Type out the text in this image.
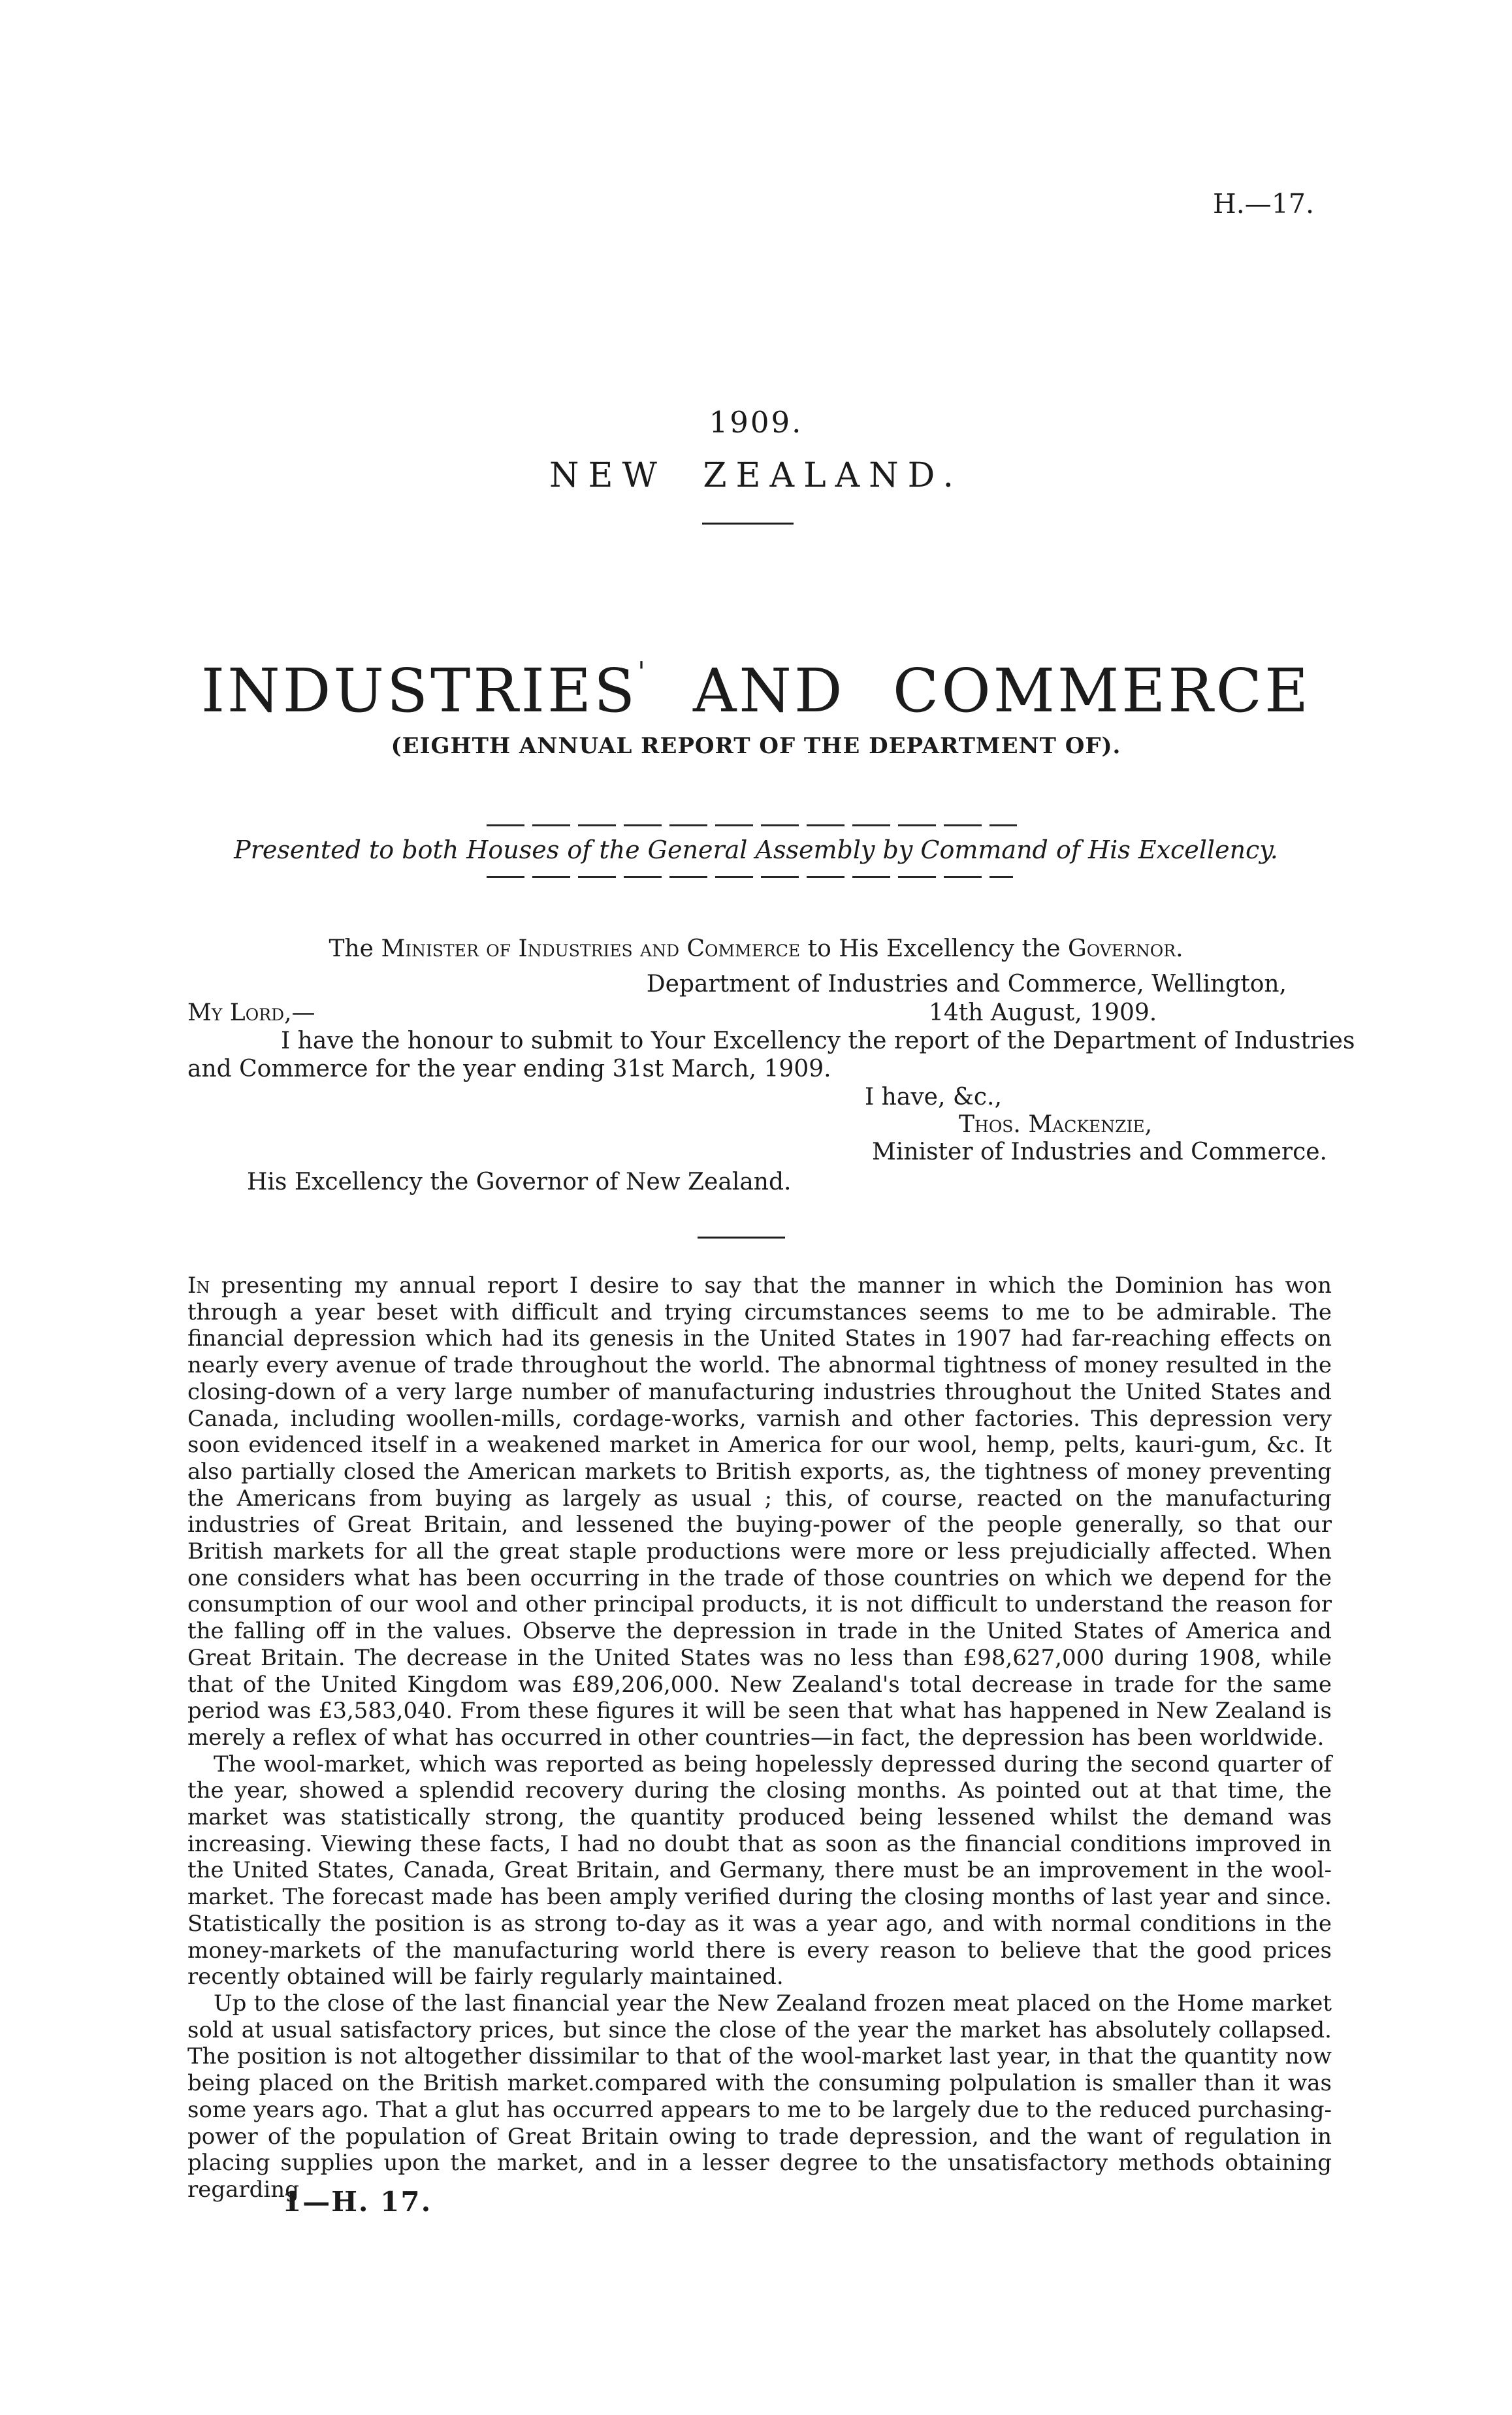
H.—17.
1909.
NEW ZEALAND.
INDUSTRIES' AND COMMERCE
(EIGHTH ANNUAL REPORT OF THE DEPARTMENT OF).
Presented to both Houses of the General Assembly by Command of His Excellency.
The Minister of Industries and Commerce to His Excellency the Governor.
Department of Industries and Commerce, Wellington,
My Lord,—	14th August, 1909.
I have the honour to submit to Your Excellency the report of the Department of Industries
and Commerce for the year ending 31st March, 1909.
I have, &c.,
Thos. Mackenzie,
Minister of Industries and Commerce.
His Excellency the Governor of New Zealand.

In presenting my annual report I desire to say that the manner in which the Dominion has won through a year beset with difficult and trying circumstances seems to me to be admirable. The financial depression which had its genesis in the United States in 1907 had far-reaching effects on nearly every avenue of trade throughout the world. The abnormal tightness of money resulted in the closing-down of a very large number of manufacturing industries throughout the United States and Canada, including woollen-mills, cordage-works, varnish and other factories. This depression very soon evidenced itself in a weakened market in America for our wool, hemp, pelts, kauri-gum, &c. It also partially closed the American markets to British exports, as, the tightness of money preventing the Americans from buying as largely as usual ; this, of course, reacted on the manufacturing industries of Great Britain, and lessened the buying-power of the people generally, so that our British markets for all the great staple productions were more or less prejudicially affected. When one considers what has been occurring in the trade of those countries on which we depend for the consumption of our wool and other principal products, it is not difficult to understand the reason for the falling off in the values. Observe the depression in trade in the United States of America and Great Britain. The decrease in the United States was no less than £98,627,000 during 1908, while that of the United Kingdom was £89,206,000. New Zealand's total decrease in trade for the same period was £3,583,040. From these figures it will be seen that what has happened in New Zealand is merely a reflex of what has occurred in other countries—in fact, the depression has been worldwide.

The wool-market, which was reported as being hopelessly depressed during the second quarter of the year, showed a splendid recovery during the closing months. As pointed out at that time, the market was statistically strong, the quantity produced being lessened whilst the demand was increasing. Viewing these facts, I had no doubt that as soon as the financial conditions improved in the United States, Canada, Great Britain, and Germany, there must be an improvement in the wool-market. The forecast made has been amply verified during the closing months of last year and since. Statistically the position is as strong to-day as it was a year ago, and with normal conditions in the money-markets of the manufacturing world there is every reason to believe that the good prices recently obtained will be fairly regularly maintained.

Up to the close of the last financial year the New Zealand frozen meat placed on the Home market sold at usual satisfactory prices, but since the close of the year the market has absolutely collapsed. The position is not altogether dissimilar to that of the wool-market last year, in that the quantity now being placed on the British market.compared with the consuming polpulation is smaller than it was some years ago. That a glut has occurred appears to me to be largely due to the reduced purchasing-power of the population of Great Britain owing to trade depression, and the want of regulation in placing supplies upon the market, and in a lesser degree to the unsatisfactory methods obtaining regarding

1—H. 17.
